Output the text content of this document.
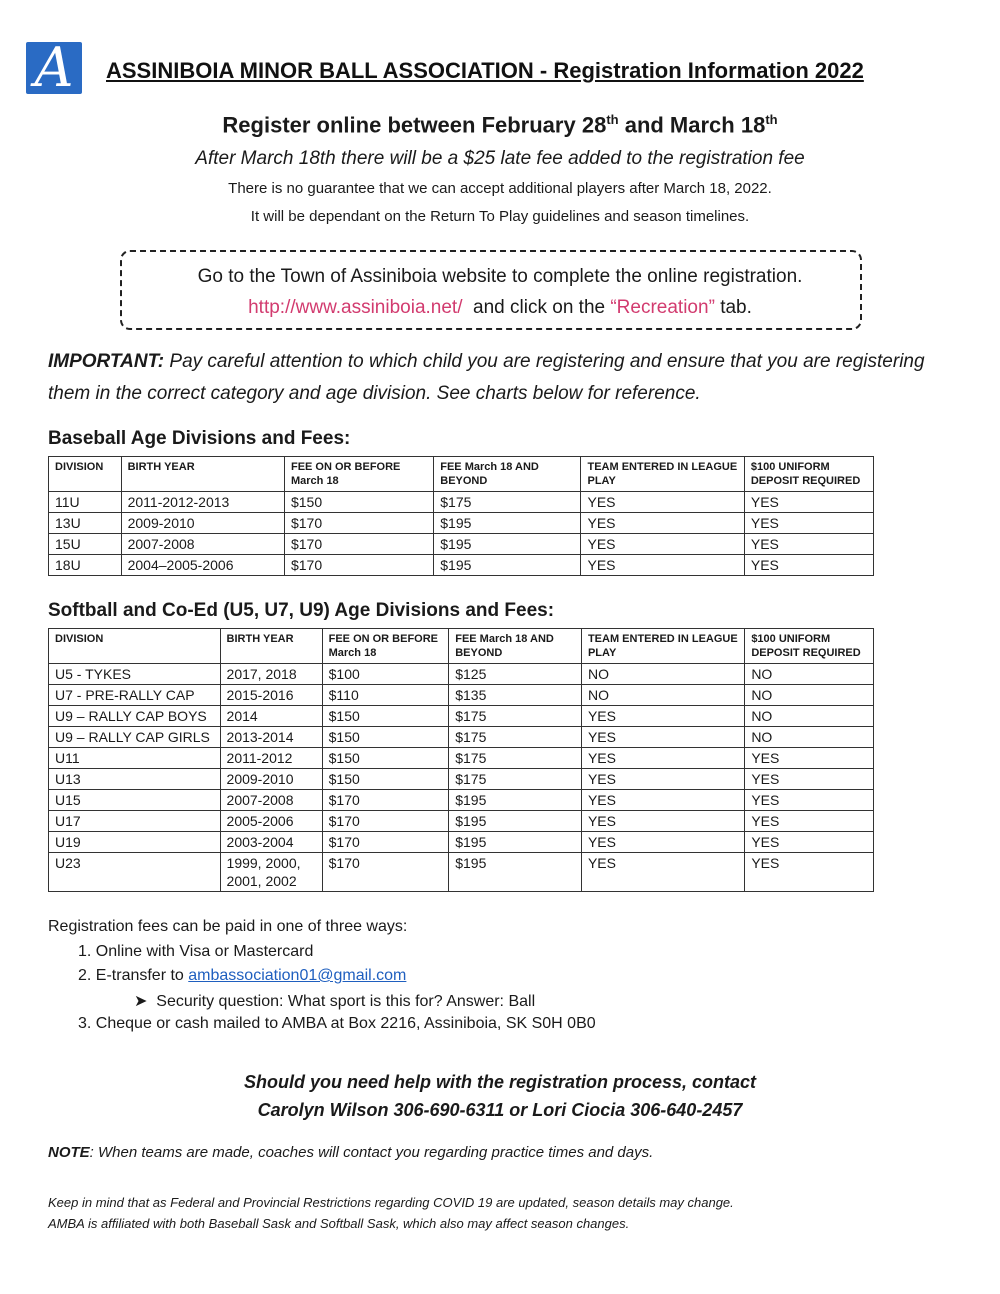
A	ASSINIBOIA MINOR BALL ASSOCIATION - Registration Information 2022
Register online between February 28th and March 18th
After March 18th there will be a $25 late fee added to the registration fee
There is no guarantee that we can accept additional players after March 18, 2022.
It will be dependant on the Return To Play guidelines and season timelines.
Go to the Town of Assiniboia website to complete the online registration.
http://www.assiniboia.net/ and click on the “Recreation” tab.
IMPORTANT: Pay careful attention to which child you are registering and ensure that you are registering them in the correct category and age division. See charts below for reference.
Baseball Age Divisions and Fees:
DIVISION	BIRTH YEAR	FEE ON OR BEFORE March 18	FEE March 18 AND BEYOND	TEAM ENTERED IN LEAGUE PLAY	$100 UNIFORM DEPOSIT REQUIRED
11U	2011-2012-2013	$150	$175	YES	YES
13U	2009-2010	$170	$195	YES	YES
15U	2007-2008	$170	$195	YES	YES
18U	2004–2005-2006	$170	$195	YES	YES
Softball and Co-Ed (U5, U7, U9) Age Divisions and Fees:
DIVISION	BIRTH YEAR	FEE ON OR BEFORE March 18	FEE March 18 AND BEYOND	TEAM ENTERED IN LEAGUE PLAY	$100 UNIFORM DEPOSIT REQUIRED
U5 - TYKES	2017, 2018	$100	$125	NO	NO
U7 - PRE-RALLY CAP	2015-2016	$110	$135	NO	NO
U9 – RALLY CAP BOYS	2014	$150	$175	YES	NO
U9 – RALLY CAP GIRLS	2013-2014	$150	$175	YES	NO
U11	2011-2012	$150	$175	YES	YES
U13	2009-2010	$150	$175	YES	YES
U15	2007-2008	$170	$195	YES	YES
U17	2005-2006	$170	$195	YES	YES
U19	2003-2004	$170	$195	YES	YES
U23	1999, 2000, 2001, 2002	$170	$195	YES	YES
Registration fees can be paid in one of three ways:
1. Online with Visa or Mastercard
2. E-transfer to ambassociation01@gmail.com
➤ Security question: What sport is this for? Answer: Ball
3. Cheque or cash mailed to AMBA at Box 2216, Assiniboia, SK S0H 0B0
Should you need help with the registration process, contact
Carolyn Wilson 306-690-6311 or Lori Ciocia 306-640-2457
NOTE: When teams are made, coaches will contact you regarding practice times and days.
Keep in mind that as Federal and Provincial Restrictions regarding COVID 19 are updated, season details may change.
AMBA is affiliated with both Baseball Sask and Softball Sask, which also may affect season changes.
